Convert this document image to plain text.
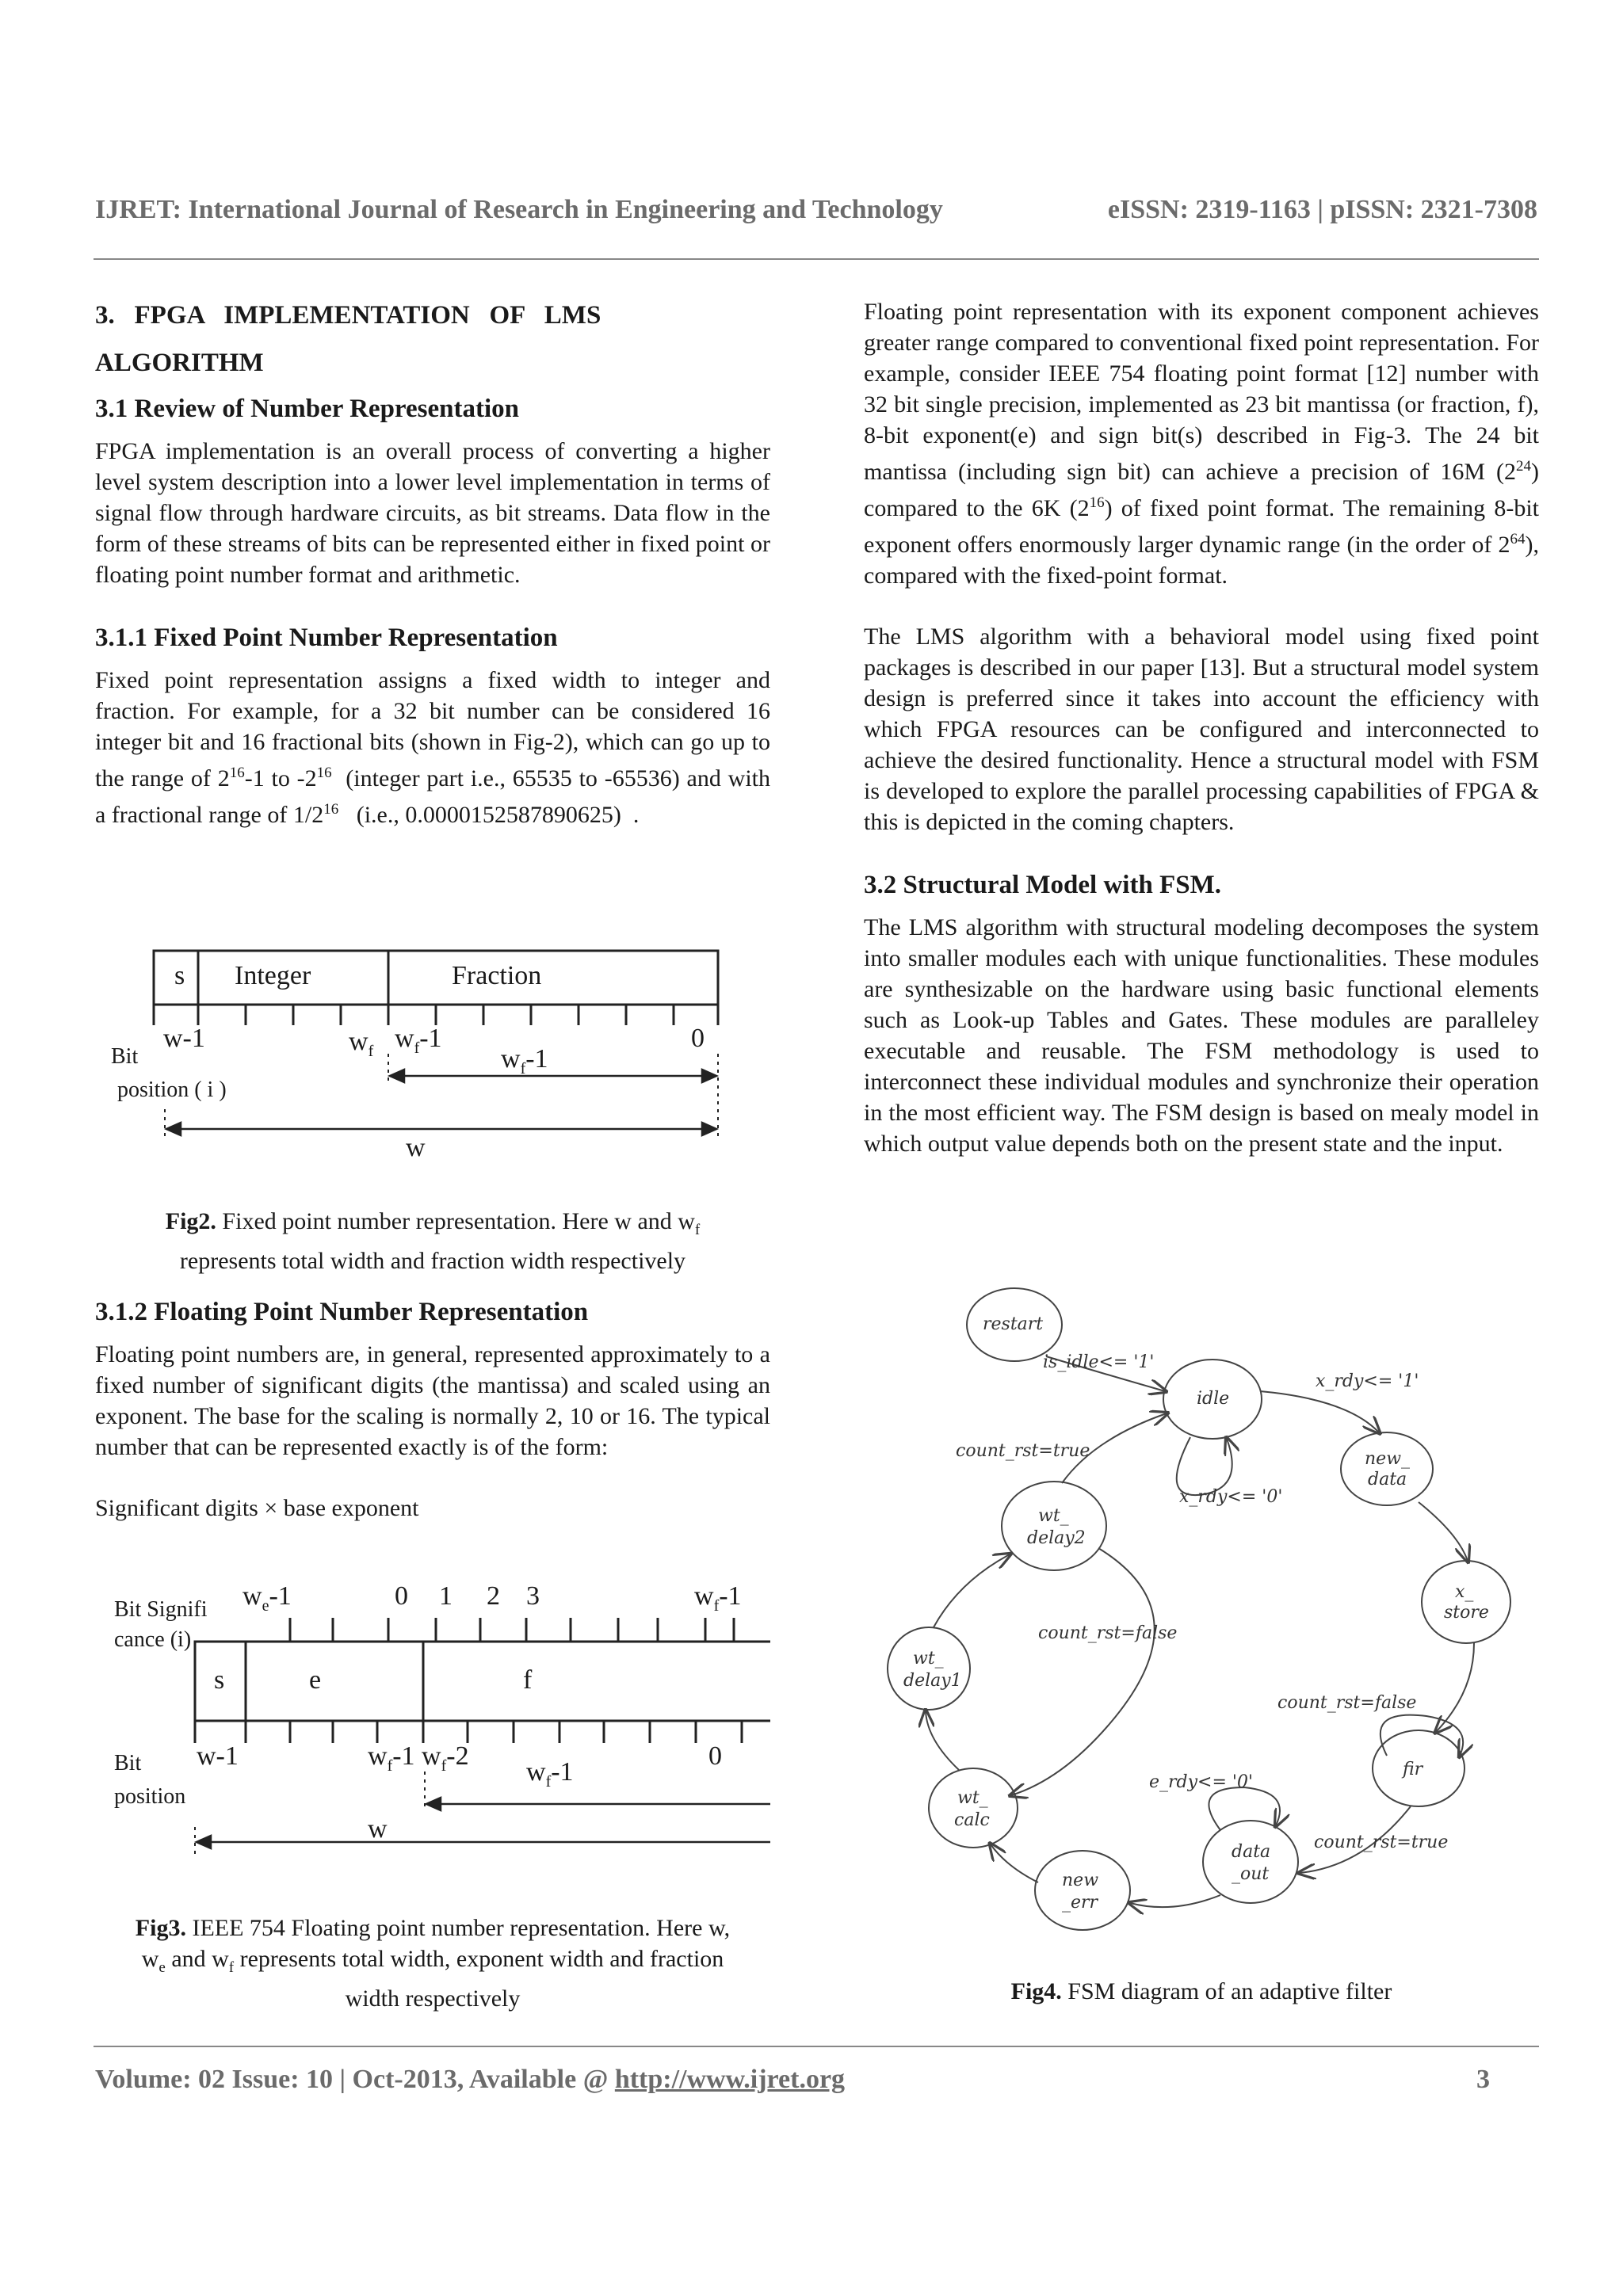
IJRET: International Journal of Research in Engineering and Technology	eISSN: 2319-1163 | pISSN: 2321-7308
3.   FPGA   IMPLEMENTATION   OF   LMS
ALGORITHM
3.1 Review of Number Representation

FPGA implementation is an overall process of converting a higher level system description into a lower level implementation in terms of signal flow through hardware circuits, as bit streams. Data flow in the form of these streams of bits can be represented either in fixed point or floating point number format and arithmetic.

3.1.1 Fixed Point Number Representation

Fixed point representation assigns a fixed width to integer and fraction. For example, for a 32 bit number can be considered 16 integer bit and 16 fractional bits (shown in Fig-2), which can go up to the range of $2^{16}-1$ to $-2^{16}$  (integer part i.e., 65535 to -65536) and with a fractional range of $1/2^{16}$   (i.e., 0.0000152587890625)  .

s Integer	Fraction
Bit
position ( i )
w-1	$w_f$ $w_f-1$	0
$w_f-1$
w
Fig2. Fixed point number representation. Here w and $w_f$
represents total width and fraction width respectively
3.1.2 Floating Point Number Representation

Floating point numbers are, in general, represented approximately to a fixed number of significant digits (the mantissa) and scaled using an exponent. The base for the scaling is normally 2, 10 or 16. The typical number that can be represented exactly is of the form:

Significant digits × base exponent

Bit Signifi
cance (i)
$w_e-1$	0 1 2 3	$w_f-1$
s	e	f
Bit
position
w-1	$w_f-1$ $w_f-2$	0
$w_f-1$
w
Fig3. IEEE 754 Floating point number representation. Here w,
$w_e$ and $w_f$ represents total width, exponent width and fraction
width respectively

Floating point representation with its exponent component achieves greater range compared to conventional fixed point representation. For example, consider IEEE 754 floating point format [12] number with 32 bit single precision, implemented as 23 bit mantissa (or fraction, f), 8-bit exponent(e) and sign bit(s) described in Fig-3. The 24 bit mantissa (including sign bit) can achieve a precision of 16M $(2^{24})$ compared to the 6K $(2^{16})$ of fixed point format. The remaining 8-bit exponent offers enormously larger dynamic range (in the order of $2^{64}$), compared with the fixed-point format.

The LMS algorithm with a behavioral model using fixed point packages is described in our paper [13]. But a structural model system design is preferred since it takes into account the efficiency with which FPGA resources can be configured and interconnected to achieve the desired functionality. Hence a structural model with FSM is developed to explore the parallel processing capabilities of FPGA & this is depicted in the coming chapters.

3.2 Structural Model with FSM.

The LMS algorithm with structural modeling decomposes the system into smaller modules each with unique functionalities. These modules are synthesizable on the hardware using basic functional elements such as Look-up Tables and Gates. These modules are paralleley executable and reusable. The FSM methodology is used to interconnect these individual modules and synchronize their operation in the most efficient way. The FSM design is based on mealy model in which output value depends both on the present state and the input.

restart
idle
new_
data
x_
store
fir
data
_out
new
_err
wt_
calc
wt_
delay1
wt_
delay2
is_idle<= '1'
x_rdy<= '1'
x_rdy<= '0'
count_rst=true
count_rst=false
count_rst=false
e_rdy<= '0'
count_rst=true
Fig4. FSM diagram of an adaptive filter
Volume: 02 Issue: 10 | Oct-2013, Available @ http://www.ijret.org	3
